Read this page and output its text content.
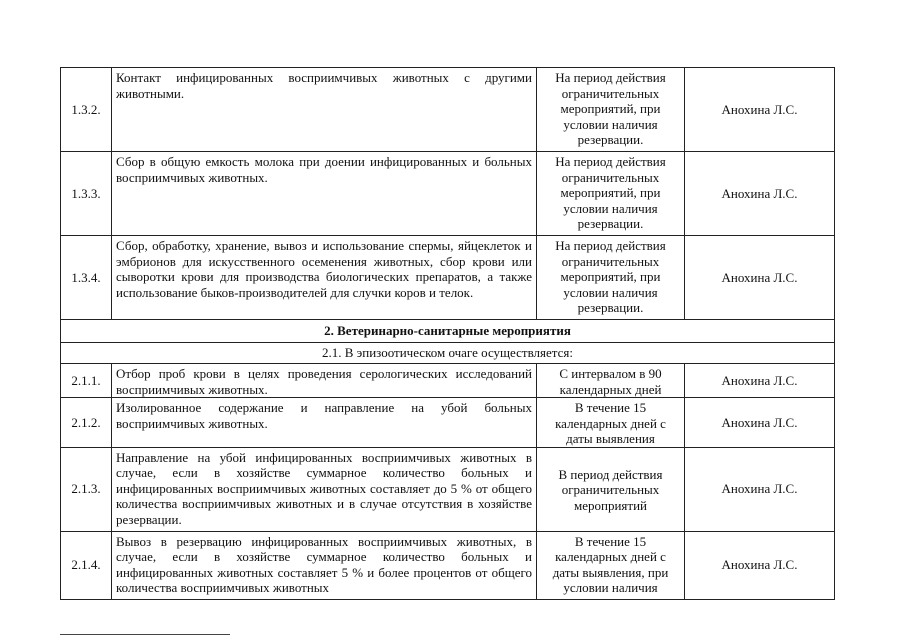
1.3.2.	Контакт инфицированных восприимчивых животных с другими животными.	На период действия ограничительных мероприятий, при условии наличия резервации.	Анохина Л.С.
1.3.3.	Сбор в общую емкость молока при доении инфицированных и больных восприимчивых животных.	На период действия ограничительных мероприятий, при условии наличия резервации.	Анохина Л.С.
1.3.4.	Сбор, обработку, хранение, вывоз и использование спермы, яйцеклеток и эмбрионов для искусственного осеменения животных, сбор крови или сыворотки крови для производства биологических препаратов, а также использование быков-производителей для случки коров и телок.	На период действия ограничительных мероприятий, при условии наличия резервации.	Анохина Л.С.
2. Ветеринарно-санитарные мероприятия			
2.1. В эпизоотическом очаге осуществляется:			
2.1.1.	Отбор проб крови в целях проведения серологических исследований восприимчивых животных.	С интервалом в 90 календарных дней	Анохина Л.С.
2.1.2.	Изолированное содержание и направление на убой больных восприимчивых животных.	В течение 15 календарных дней с даты выявления	Анохина Л.С.
2.1.3.	Направление на убой инфицированных восприимчивых животных в случае, если в хозяйстве суммарное количество больных и инфицированных восприимчивых животных составляет до 5 % от общего количества восприимчивых животных и в случае отсутствия в хозяйстве резервации.	В период действия ограничительных мероприятий	Анохина Л.С.
2.1.4.	Вывоз в резервацию инфицированных восприимчивых животных, в случае, если в хозяйстве суммарное количество больных и инфицированных животных составляет 5 % и более процентов от общего количества восприимчивых животных	В течение 15 календарных дней с даты выявления, при условии наличия	Анохина Л.С.
